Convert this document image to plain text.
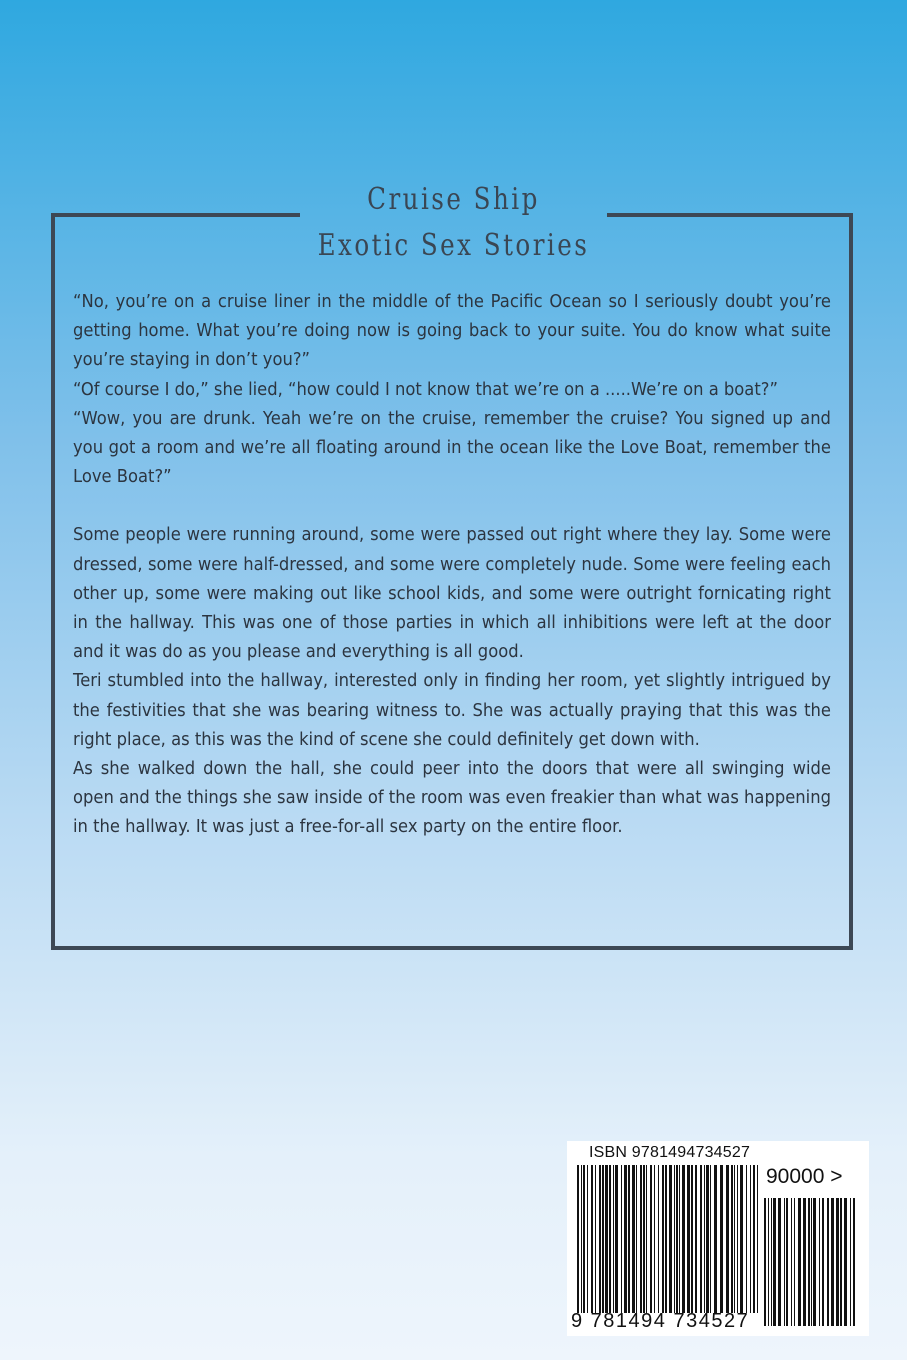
Cruise Ship
Exotic Sex Stories

“No, you’re on a cruise liner in the middle of the Pacific Ocean so I seriously doubt you’re getting home. What you’re doing now is going back to your suite. You do know what suite you’re staying in don’t you?”

“Of course I do,” she lied, “how could I not know that we’re on a .....We’re on a boat?”

“Wow, you are drunk. Yeah we’re on the cruise, remember the cruise? You signed up and you got a room and we’re all floating around in the ocean like the Love Boat, remember the Love Boat?”

Some people were running around, some were passed out right where they lay. Some were dressed, some were half-dressed, and some were completely nude. Some were feeling each other up, some were making out like school kids, and some were outright fornicating right in the hallway. This was one of those parties in which all inhibitions were left at the door and it was do as you please and everything is all good.

Teri stumbled into the hallway, interested only in finding her room, yet slightly intrigued by the festivities that she was bearing witness to. She was actually praying that this was the right place, as this was the kind of scene she could definitely get down with.

As she walked down the hall, she could peer into the doors that were all swinging wide open and the things she saw inside of the room was even freakier than what was happening in the hallway. It was just a free-for-all sex party on the entire floor.

ISBN 9781494734527
90000 >
9 781494 734527
